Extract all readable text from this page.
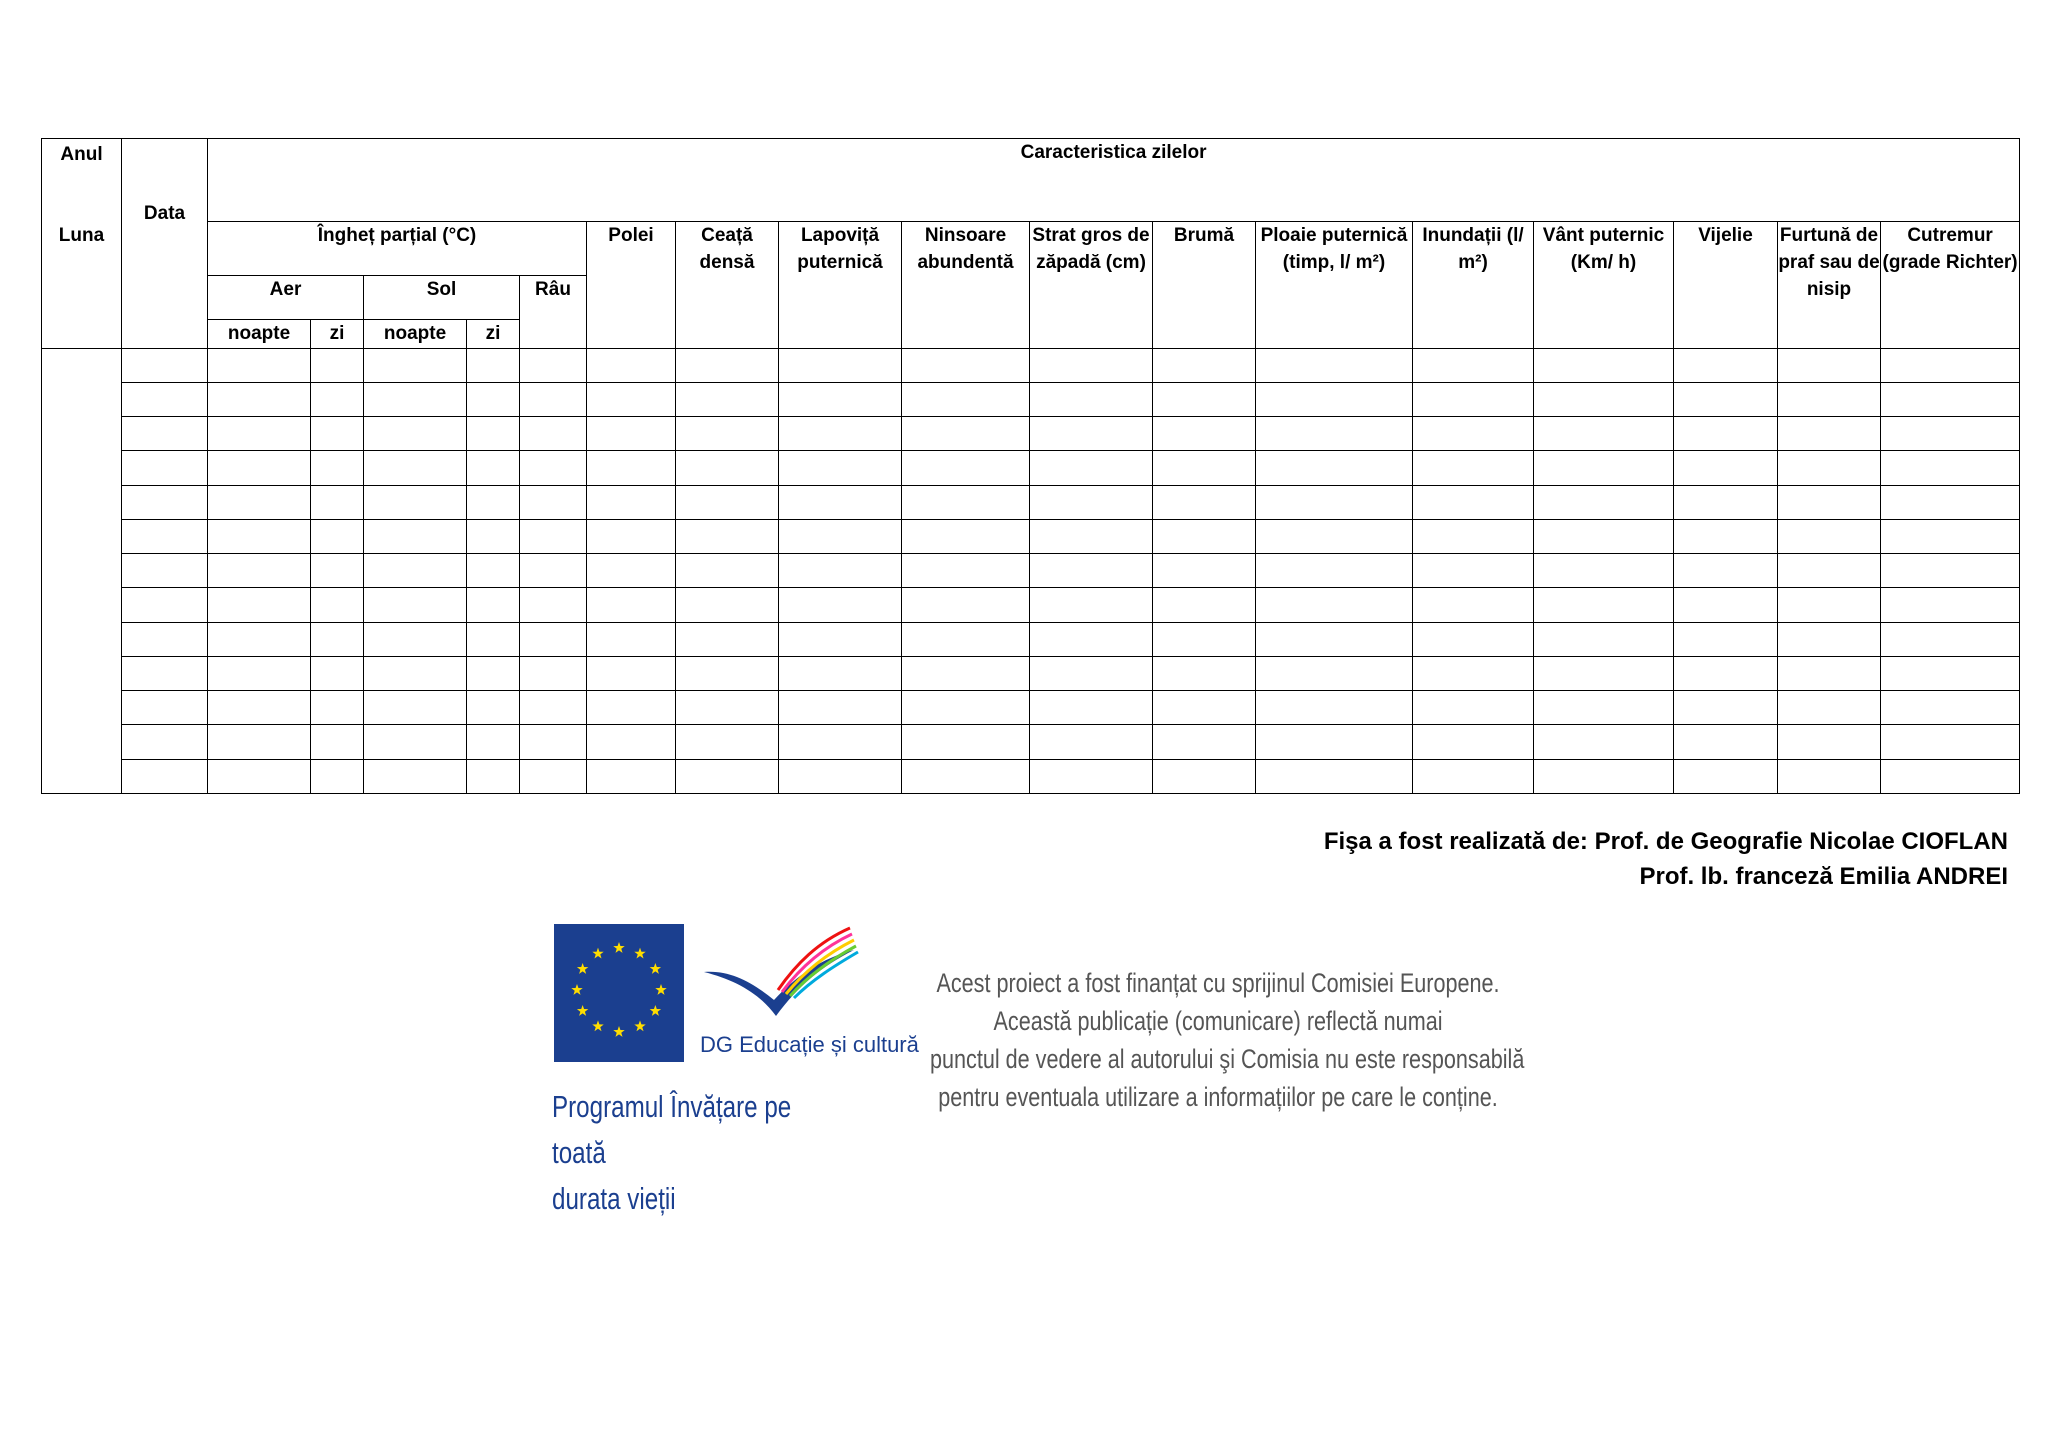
Anul
Luna	Data	Caracteristica zilelor																
		Îngheț parțial (°C)					Polei	Ceață densă	Lapoviță puternică	Ninsoare abundentă	Strat gros de zăpadă (cm)	Brumă	Ploaie puternică (timp, l/ m²)	Inundații (l/ m²)	Vânt puternic (Km/ h)	Vijelie	Furtună de praf sau de nisip	Cutremur (grade Richter)
		Aer		Sol		Râu												
		noapte	zi	noapte	zi													

Fişa a fost realizată de: Prof. de Geografie Nicolae CIOFLAN
Prof. lb. franceză Emilia ANDREI
DG Educație și cultură
Programul Învățare pe toată
durata vieții
Acest proiect a fost finanțat cu sprijinul Comisiei Europene.
Această publicație (comunicare) reflectă numai
punctul de vedere al autorului şi Comisia nu este responsabilă
pentru eventuala utilizare a informațiilor pe care le conține.
